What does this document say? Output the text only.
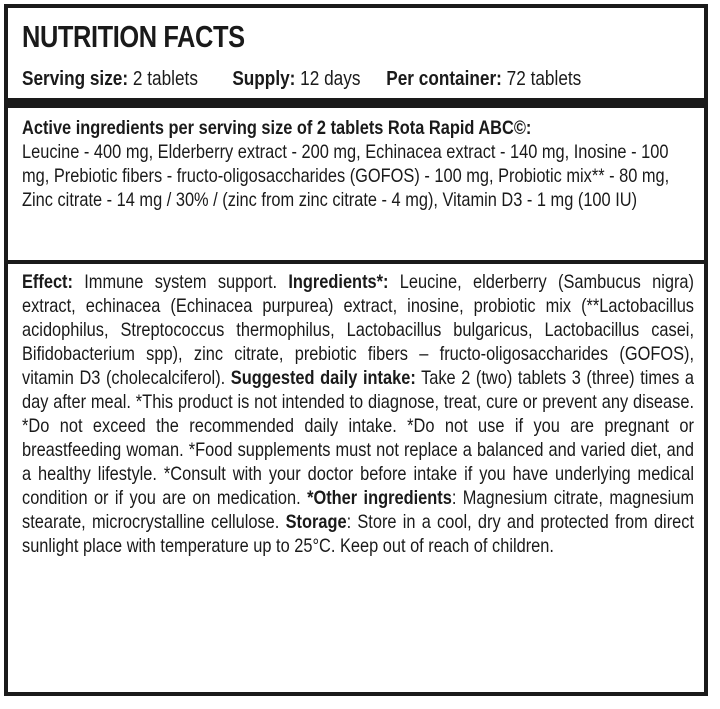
NUTRITION FACTS
Serving size: 2 tablets Supply: 12 days Per container: 72 tablets
Active ingredients per serving size of 2 tablets Rota Rapid ABC©:
Leucine - 400 mg, Elderberry extract - 200 mg, Echinacea extract - 140 mg, Inosine - 100 mg, Prebiotic fibers - fructo-oligosaccharides (GOFOS) - 100 mg, Probiotic mix** - 80 mg, Zinc citrate - 14 mg / 30% / (zinc from zinc citrate - 4 mg), Vitamin D3 - 1 mg (100 IU)
Effect: Immune system support. Ingredients*: Leucine, elderberry (Sambucus nigra) extract, echinacea (Echinacea purpurea) extract, inosine, probiotic mix (**Lactobacillus acidophilus, Streptococcus thermophilus, Lactobacillus bulgaricus, Lactobacillus casei, Bifidobacterium spp), zinc citrate, prebiotic fibers – fructo-oligosaccharides (GOFOS), vitamin D3 (cholecalciferol). Suggested daily intake: Take 2 (two) tablets 3 (three) times a day after meal. *This product is not intended to diagnose, treat, cure or prevent any disease. *Do not exceed the recommended daily intake. *Do not use if you are pregnant or breastfeeding woman. *Food supplements must not replace a balanced and varied diet, and a healthy lifestyle. *Consult with your doctor before intake if you have underlying medical condition or if you are on medication. *Other ingredients: Magnesium citrate, magnesium stearate, microcrystalline cellulose. Storage: Store in a cool, dry and protected from direct sunlight place with temperature up to 25°C. Keep out of reach of children.
